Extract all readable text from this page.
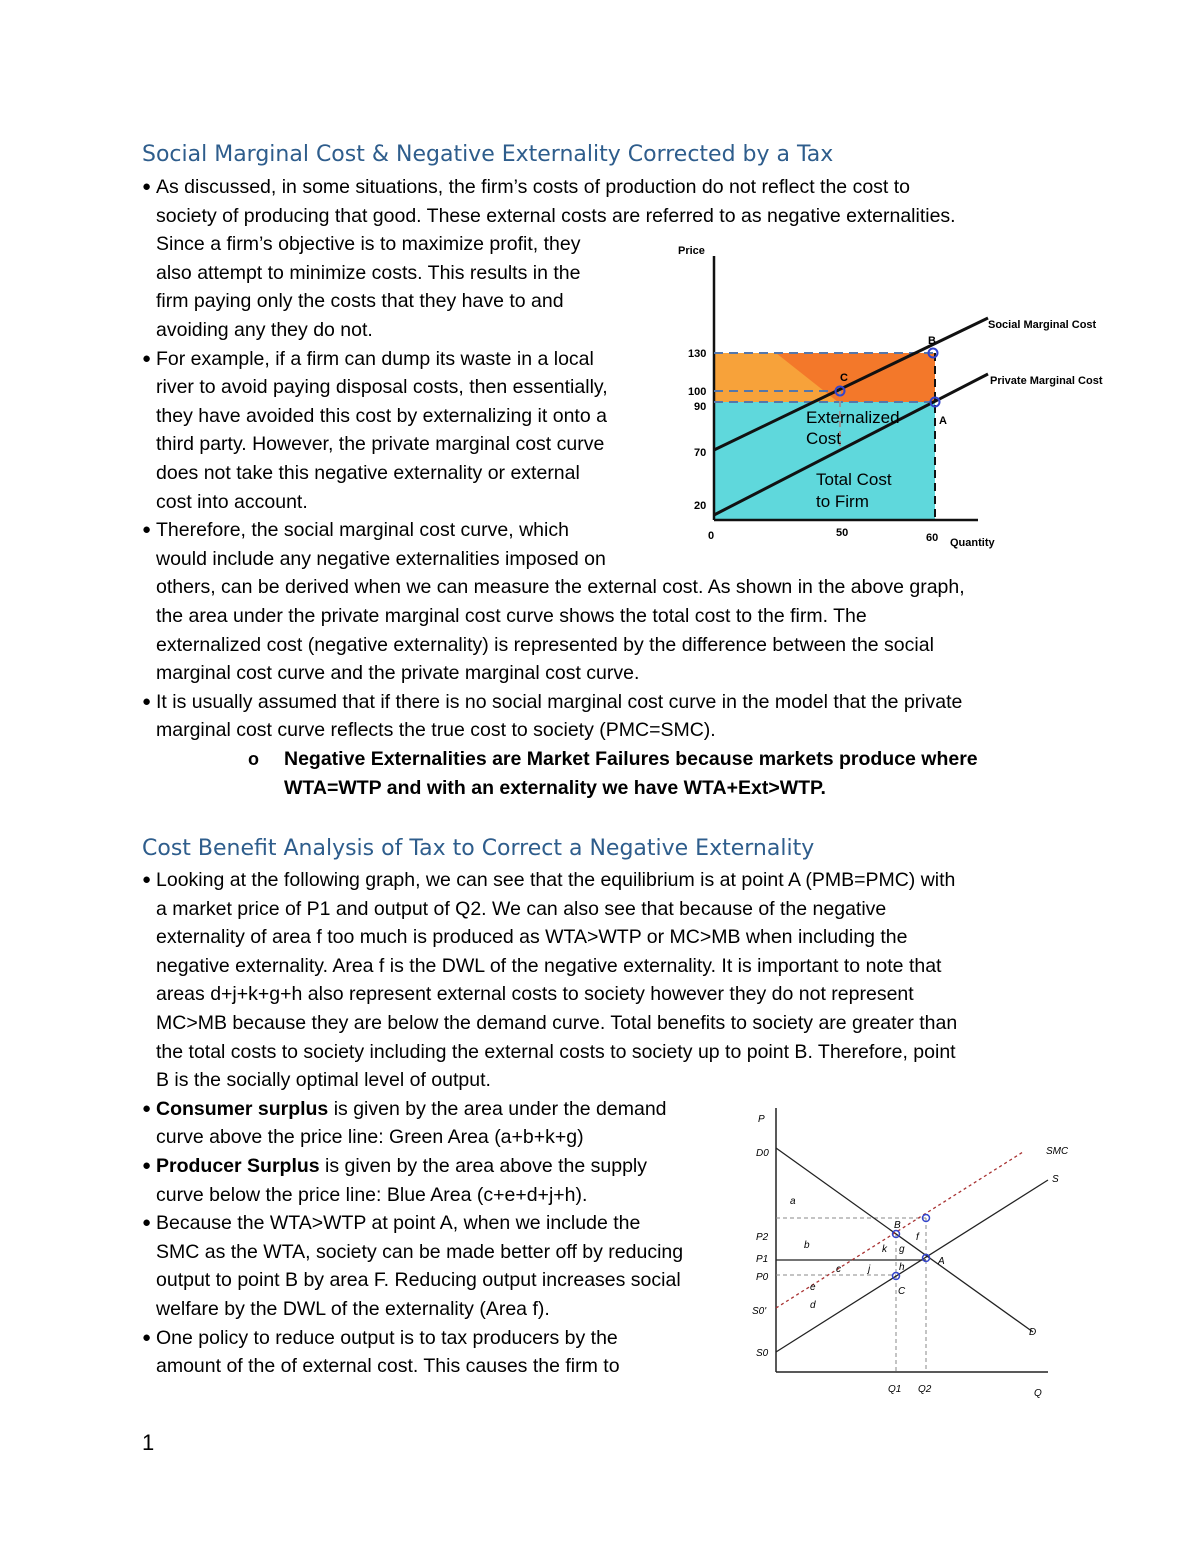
Social Marginal Cost & Negative Externality Corrected by a Tax
● As discussed, in some situations, the firm’s costs of production do not reflect the cost to
society of producing that good. These external costs are referred to as negative externalities.
Since a firm’s objective is to maximize profit, they
also attempt to minimize costs. This results in the
firm paying only the costs that they have to and
avoiding any they do not.
● For example, if a firm can dump its waste in a local
river to avoid paying disposal costs, then essentially,
they have avoided this cost by externalizing it onto a
third party. However, the private marginal cost curve
does not take this negative externality or external
cost into account.
● Therefore, the social marginal cost curve, which
would include any negative externalities imposed on
others, can be derived when we can measure the external cost. As shown in the above graph,
the area under the private marginal cost curve shows the total cost to the firm. The
externalized cost (negative externality) is represented by the difference between the social
marginal cost curve and the private marginal cost curve.
● It is usually assumed that if there is no social marginal cost curve in the model that the private
marginal cost curve reflects the true cost to society (PMC=SMC).
o Negative Externalities are Market Failures because markets produce where
WTA=WTP and with an externality we have WTA+Ext>WTP.
Cost Benefit Analysis of Tax to Correct a Negative Externality
● Looking at the following graph, we can see that the equilibrium is at point A (PMB=PMC) with
a market price of P1 and output of Q2. We can also see that because of the negative
externality of area f too much is produced as WTA>WTP or MC>MB when including the
negative externality. Area f is the DWL of the negative externality. It is important to note that
areas d+j+k+g+h also represent external costs to society however they do not represent
MC>MB because they are below the demand curve. Total benefits to society are greater than
the total costs to society including the external costs to society up to point B. Therefore, point
B is the socially optimal level of output.
● Consumer surplus is given by the area under the demand
curve above the price line: Green Area (a+b+k+g)
● Producer Surplus is given by the area above the supply
curve below the price line: Blue Area (c+e+d+j+h).
● Because the WTA>WTP at point A, when we include the
SMC as the WTA, society can be made better off by reducing
output to point B by area F. Reducing output increases social
welfare by the DWL of the externality (Area f).
● One policy to reduce output is to tax producers by the
amount of the of external cost. This causes the firm to
Price
Quantity
130
100
90
70
20
0	50	60
Social Marginal Cost
Private Marginal Cost
B
C
A
Externalized
Cost
Total Cost
to Firm
P
Q
D0
P2
P1
P0
S0'
S0
Q1 Q2
SMC
S
D
a
b
c
e
d
k g
j	h
f
B
A
C
1
